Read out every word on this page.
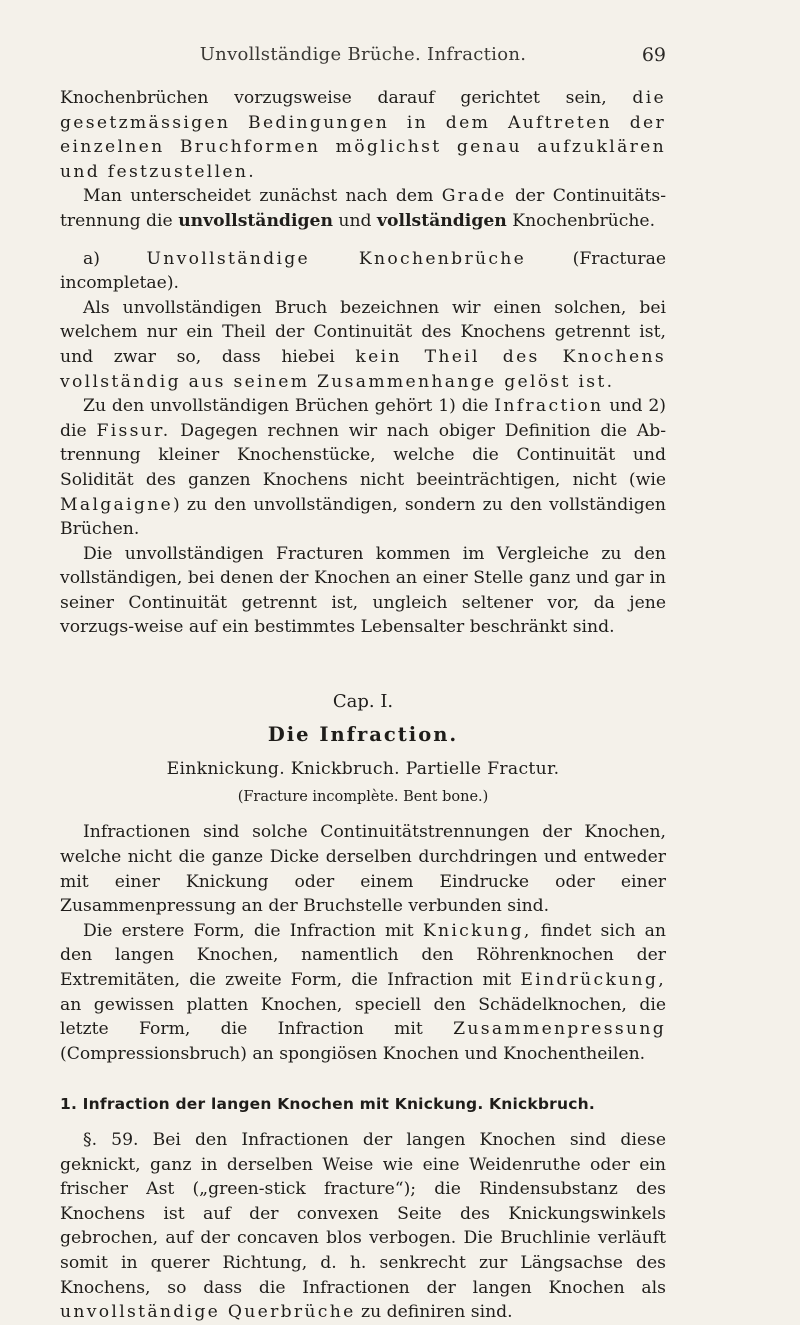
Unvollständige Brüche. Infraction.	69

Knochenbrüchen vorzugsweise darauf gerichtet sein, die gesetzmässigen Bedingungen in dem Auftreten der einzelnen Bruchformen möglichst genau aufzuklären und festzustellen.

Man unterscheidet zunächst nach dem Grade der Continuitäts-trennung die unvollständigen und vollständigen Knochenbrüche.

a) Unvollständige Knochenbrüche (Fracturae incompletae).

Als unvollständigen Bruch bezeichnen wir einen solchen, bei welchem nur ein Theil der Continuität des Knochens getrennt ist, und zwar so, dass hiebei kein Theil des Knochens vollständig aus seinem Zusammenhange gelöst ist.

Zu den unvollständigen Brüchen gehört 1) die Infraction und 2) die Fissur. Dagegen rechnen wir nach obiger Definition die Ab-trennung kleiner Knochenstücke, welche die Continuität und Solidität des ganzen Knochens nicht beeinträchtigen, nicht (wie Malgaigne) zu den unvollständigen, sondern zu den vollständigen Brüchen.

Die unvollständigen Fracturen kommen im Vergleiche zu den vollständigen, bei denen der Knochen an einer Stelle ganz und gar in seiner Continuität getrennt ist, ungleich seltener vor, da jene vorzugs-weise auf ein bestimmtes Lebensalter beschränkt sind.

Cap. I.

Die Infraction.

Einknickung. Knickbruch. Partielle Fractur.

(Fracture incomplète. Bent bone.)

Infractionen sind solche Continuitätstrennungen der Knochen, welche nicht die ganze Dicke derselben durchdringen und entweder mit einer Knickung oder einem Eindrucke oder einer Zusammenpressung an der Bruchstelle verbunden sind.

Die erstere Form, die Infraction mit Knickung, findet sich an den langen Knochen, namentlich den Röhrenknochen der Extremitäten, die zweite Form, die Infraction mit Eindrückung, an gewissen platten Knochen, speciell den Schädelknochen, die letzte Form, die Infraction mit Zusammenpressung (Compressionsbruch) an spongiösen Knochen und Knochentheilen.

1. Infraction der langen Knochen mit Knickung. Knickbruch.

§. 59. Bei den Infractionen der langen Knochen sind diese geknickt, ganz in derselben Weise wie eine Weidenruthe oder ein frischer Ast („green-stick fracture“); die Rindensubstanz des Knochens ist auf der convexen Seite des Knickungswinkels gebrochen, auf der concaven blos verbogen. Die Bruchlinie verläuft somit in querer Richtung, d. h. senkrecht zur Längsachse des Knochens, so dass die Infractionen der langen Knochen als unvollständige Querbrüche zu definiren sind.
